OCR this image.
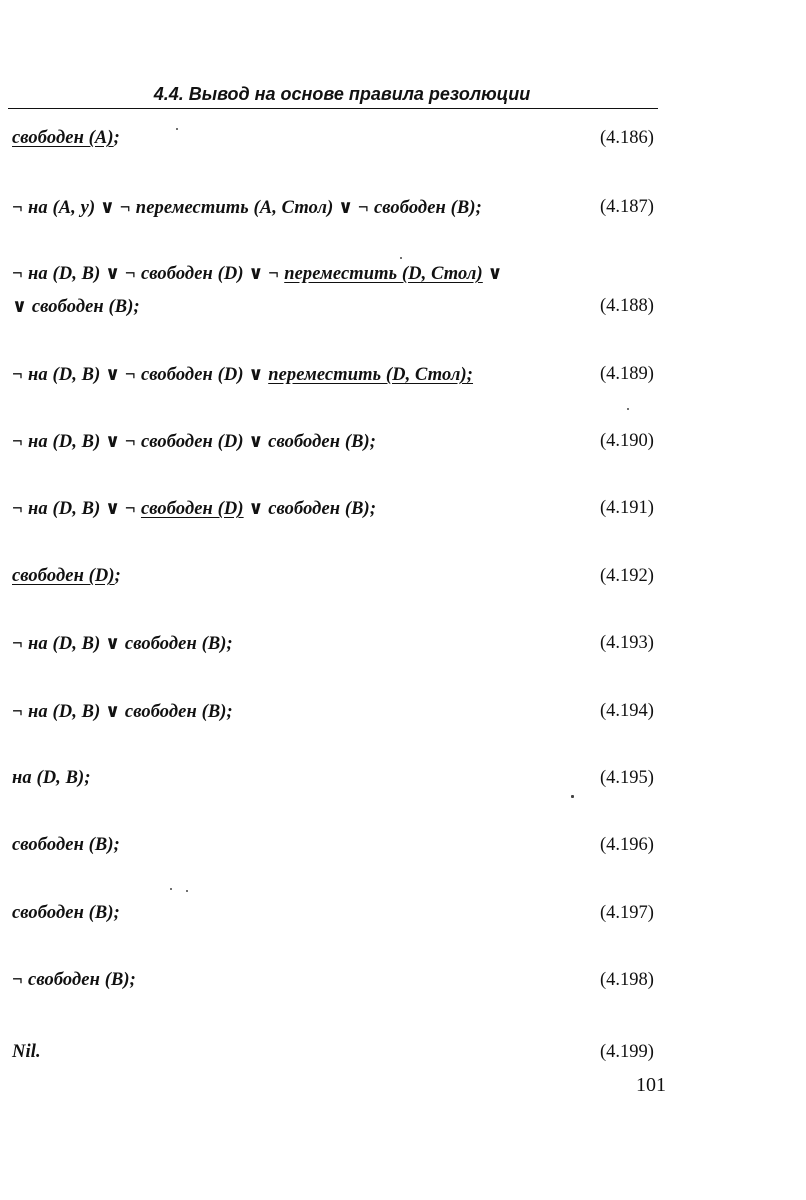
4.4. Вывод на основе правила резолюции
свободен (A);	(4.186)
¬ на (A, y) ∨ ¬ переместить (A, Стол) ∨ ¬ свободен (B);	(4.187)
¬ на (D, B) ∨ ¬ свободен (D) ∨ ¬ переместить (D, Стол) ∨
∨ свободен (B);	(4.188)
¬ на (D, B) ∨ ¬ свободен (D) ∨ переместить (D, Стол);	(4.189)
¬ на (D, B) ∨ ¬ свободен (D) ∨ свободен (B);	(4.190)
¬ на (D, B) ∨ ¬ свободен (D) ∨ свободен (B);	(4.191)
свободен (D);	(4.192)
¬ на (D, B) ∨ свободен (B);	(4.193)
¬ на (D, B) ∨ свободен (B);	(4.194)
на (D, B);	(4.195)
свободен (B);	(4.196)
свободен (B);	(4.197)
¬ свободен (B);	(4.198)
Nil.	(4.199)
101
